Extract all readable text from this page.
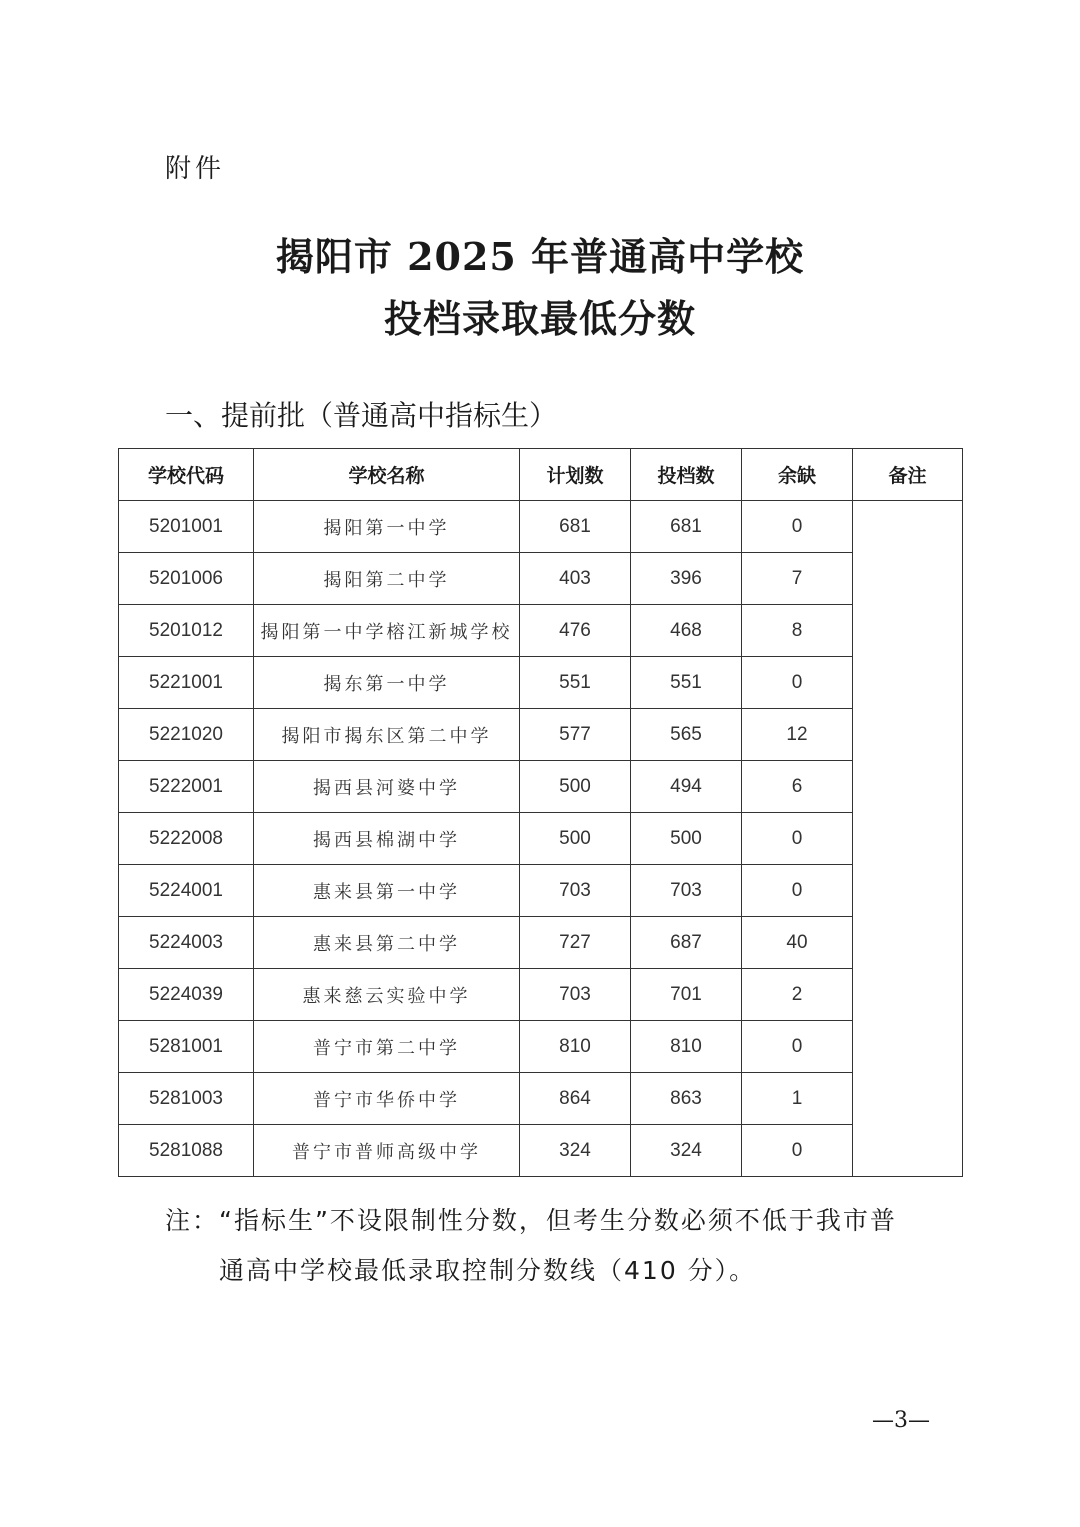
附件
揭阳市 2025 年普通高中学校
投档录取最低分数
一、提前批（普通高中指标生）
学校代码	学校名称	计划数	投档数	余缺	备注
5201001	揭阳第一中学	681	681	0	
5201006	揭阳第二中学	403	396	7	
5201012	揭阳第一中学榕江新城学校	476	468	8	
5221001	揭东第一中学	551	551	0	
5221020	揭阳市揭东区第二中学	577	565	12	
5222001	揭西县河婆中学	500	494	6	
5222008	揭西县棉湖中学	500	500	0	
5224001	惠来县第一中学	703	703	0	
5224003	惠来县第二中学	727	687	40	
5224039	惠来慈云实验中学	703	701	2	
5281001	普宁市第二中学	810	810	0	
5281003	普宁市华侨中学	864	863	1	
5281088	普宁市普师高级中学	324	324	0	
注：“指标生”不设限制性分数，但考生分数必须不低于我市普
通高中学校最低录取控制分数线（410 分）。
—3—
